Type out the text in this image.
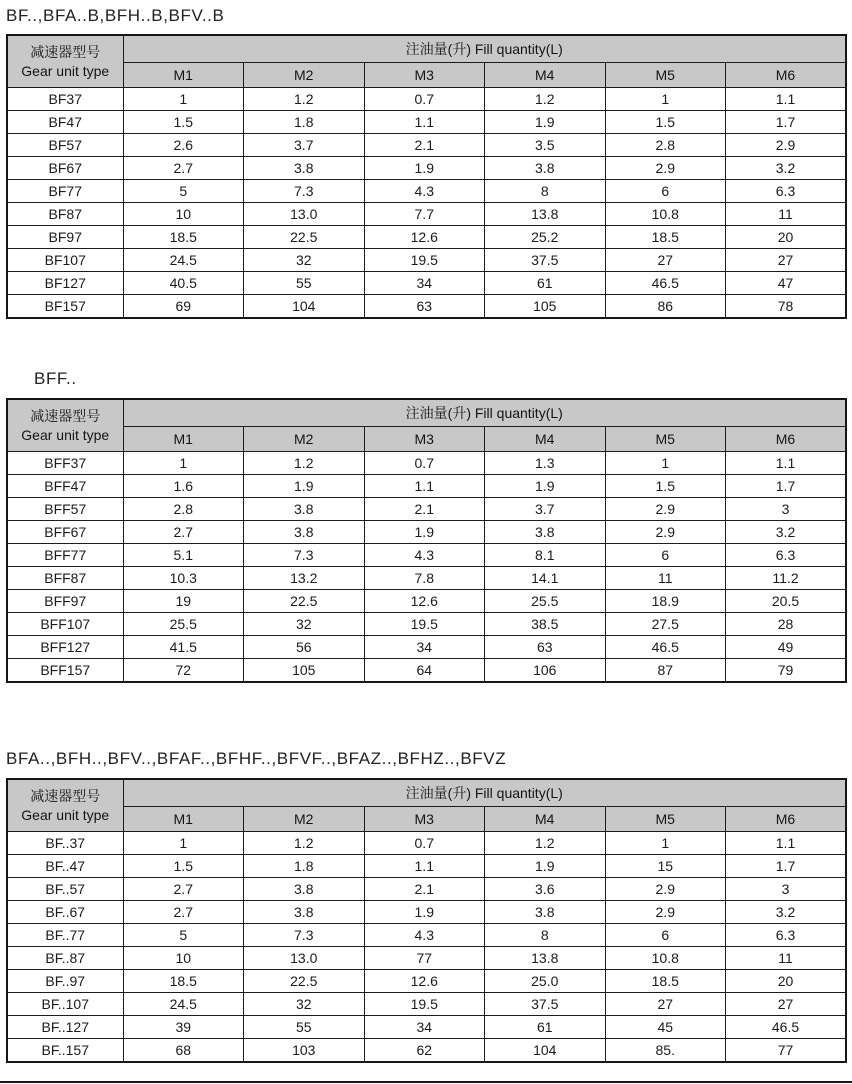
BF..,BFA..B,BFH..B,BFV..B
减速器型号
Gear unit type	注油量(升) Fill quantity(L)					
	M1	M2	M3	M4	M5	M6
BF37	1	1.2	0.7	1.2	1	1.1
BF47	1.5	1.8	1.1	1.9	1.5	1.7
BF57	2.6	3.7	2.1	3.5	2.8	2.9
BF67	2.7	3.8	1.9	3.8	2.9	3.2
BF77	5	7.3	4.3	8	6	6.3
BF87	10	13.0	7.7	13.8	10.8	11
BF97	18.5	22.5	12.6	25.2	18.5	20
BF107	24.5	32	19.5	37.5	27	27
BF127	40.5	55	34	61	46.5	47
BF157	69	104	63	105	86	78
BFF..
减速器型号
Gear unit type	注油量(升) Fill quantity(L)					
	M1	M2	M3	M4	M5	M6
BFF37	1	1.2	0.7	1.3	1	1.1
BFF47	1.6	1.9	1.1	1.9	1.5	1.7
BFF57	2.8	3.8	2.1	3.7	2.9	3
BFF67	2.7	3.8	1.9	3.8	2.9	3.2
BFF77	5.1	7.3	4.3	8.1	6	6.3
BFF87	10.3	13.2	7.8	14.1	11	11.2
BFF97	19	22.5	12.6	25.5	18.9	20.5
BFF107	25.5	32	19.5	38.5	27.5	28
BFF127	41.5	56	34	63	46.5	49
BFF157	72	105	64	106	87	79
BFA..,BFH..,BFV..,BFAF..,BFHF..,BFVF..,BFAZ..,BFHZ..,BFVZ
减速器型号
Gear unit type	注油量(升) Fill quantity(L)					
	M1	M2	M3	M4	M5	M6
BF..37	1	1.2	0.7	1.2	1	1.1
BF..47	1.5	1.8	1.1	1.9	15	1.7
BF..57	2.7	3.8	2.1	3.6	2.9	3
BF..67	2.7	3.8	1.9	3.8	2.9	3.2
BF..77	5	7.3	4.3	8	6	6.3
BF..87	10	13.0	77	13.8	10.8	11
BF..97	18.5	22.5	12.6	25.0	18.5	20
BF..107	24.5	32	19.5	37.5	27	27
BF..127	39	55	34	61	45	46.5
BF..157	68	103	62	104	85.	77
